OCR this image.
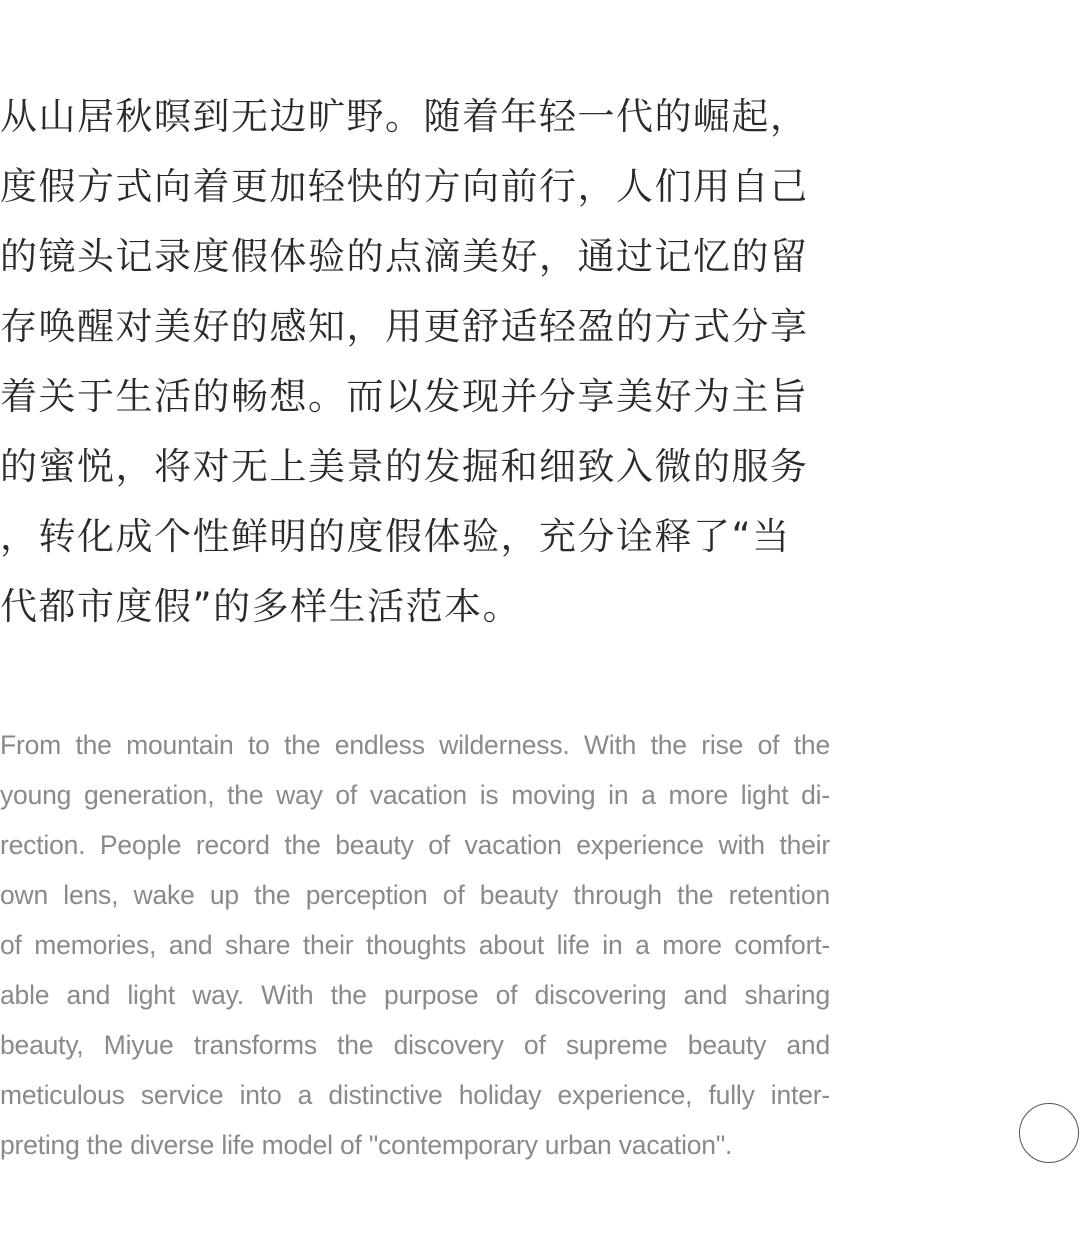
从山居秋暝到无边旷野。随着年轻一代的崛起，
度假方式向着更加轻快的方向前行，人们用自己
的镜头记录度假体验的点滴美好，通过记忆的留
存唤醒对美好的感知，用更舒适轻盈的方式分享
着关于生活的畅想。而以发现并分享美好为主旨
的蜜悦，将对无上美景的发掘和细致入微的服务
，转化成个性鲜明的度假体验，充分诠释了“当
代都市度假”的多样生活范本。
From the mountain to the endless wilderness. With the rise of the
young generation, the way of vacation is moving in a more light di-
rection. People record the beauty of vacation experience with their
own lens, wake up the perception of beauty through the retention
of memories, and share their thoughts about life in a more comfort-
able and light way. With the purpose of discovering and sharing
beauty, Miyue transforms the discovery of supreme beauty and
meticulous service into a distinctive holiday experience, fully inter-
preting the diverse life model of "contemporary urban vacation".
